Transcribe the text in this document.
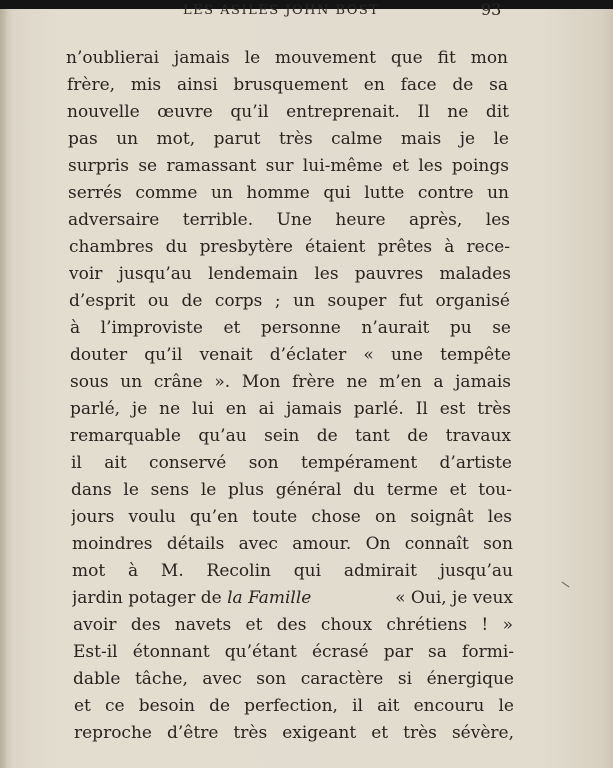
LES ASILES JOHN BOST	93
n’oublierai jamais le mouvement que fit mon
frère, mis ainsi brusquement en face de sa
nouvelle œuvre qu’il entreprenait. Il ne dit
pas un mot, parut très calme mais je le
surpris se ramassant sur lui-même et les poings
serrés comme un homme qui lutte contre un
adversaire terrible. Une heure après, les
chambres du presbytère étaient prêtes à rece-
voir jusqu’au lendemain les pauvres malades
d’esprit ou de corps ; un souper fut organisé
à l’improviste et personne n’aurait pu se
douter qu’il venait d’éclater « une tempête
sous un crâne ». Mon frère ne m’en a jamais
parlé, je ne lui en ai jamais parlé. Il est très
remarquable qu’au sein de tant de travaux
il ait conservé son tempérament d’artiste
dans le sens le plus général du terme et tou-
jours voulu qu’en toute chose on soignât les
moindres détails avec amour. On connaît son
mot à M. Recolin qui admirait jusqu’au
jardin potager de la Famille	« Oui, je veux
avoir des navets et des choux chrétiens ! »
Est-il étonnant qu’étant écrasé par sa formi-
dable tâche, avec son caractère si énergique
et ce besoin de perfection, il ait encouru le
reproche d’être très exigeant et très sévère,
